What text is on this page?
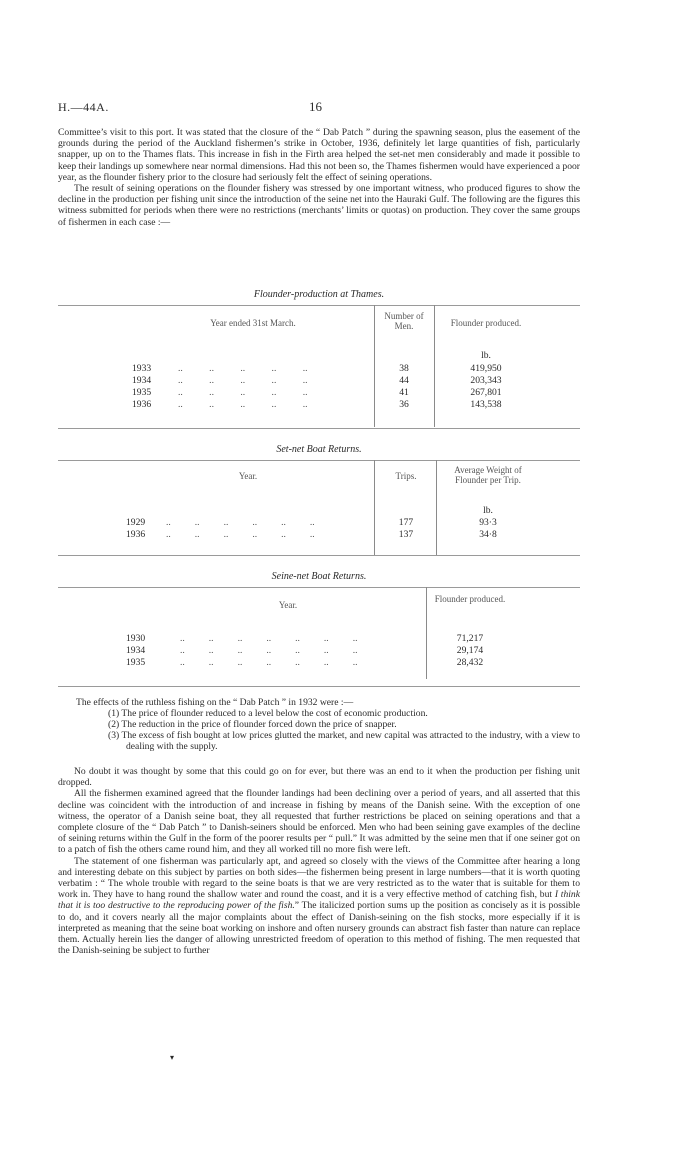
H.—44A.	16

Committee’s visit to this port. It was stated that the closure of the “ Dab Patch ” during the spawning season, plus the easement of the grounds during the period of the Auckland fishermen’s strike in October, 1936, definitely let large quantities of fish, particularly snapper, up on to the Thames flats. This increase in fish in the Firth area helped the set-net men considerably and made it possible to keep their landings up somewhere near normal dimensions. Had this not been so, the Thames fishermen would have experienced a poor year, as the flounder fishery prior to the closure had seriously felt the effect of seining operations.

The result of seining operations on the flounder fishery was stressed by one important witness, who produced figures to show the decline in the production per fishing unit since the introduction of the seine net into the Hauraki Gulf. The following are the figures this witness submitted for periods when there were no restrictions (merchants’ limits or quotas) on production. They cover the same groups of fishermen in each case :—

Flounder-production at Thames.
Year ended 31st March.
Number of Men.	Flounder produced.
lb.
1933	..           ..           ..           ..           ..	38	419,950
1934	..           ..           ..           ..           ..	44	203,343
1935	..           ..           ..           ..           ..	41	267,801
1936	..           ..           ..           ..           ..	36	143,538
Set-net Boat Returns.
Year.	Trips.
Average Weight of Flounder per Trip.
lb.
1929 ..          ..          ..          ..          ..          ..	177	93·3
1936 ..          ..          ..          ..          ..          ..	137	34·8
Seine-net Boat Returns.
Year.
Flounder produced.
1930	..          ..          ..          ..          ..          ..          ..	71,217
1934	..          ..          ..          ..          ..          ..          ..	29,174
1935	..          ..          ..          ..          ..          ..          ..	28,432
The effects of the ruthless fishing on the “ Dab Patch ” in 1932 were :—
(1) The price of flounder reduced to a level below the cost of economic production.
(2) The reduction in the price of flounder forced down the price of snapper.
(3) The excess of fish bought at low prices glutted the market, and new capital was attracted to the industry, with a view to dealing with the supply.

No doubt it was thought by some that this could go on for ever, but there was an end to it when the production per fishing unit dropped.

All the fishermen examined agreed that the flounder landings had been declining over a period of years, and all asserted that this decline was coincident with the introduction of and increase in fishing by means of the Danish seine. With the exception of one witness, the operator of a Danish seine boat, they all requested that further restrictions be placed on seining operations and that a complete closure of the “ Dab Patch ” to Danish-seiners should be enforced. Men who had been seining gave examples of the decline of seining returns within the Gulf in the form of the poorer results per “ pull.” It was admitted by the seine men that if one seiner got on to a patch of fish the others came round him, and they all worked till no more fish were left.

The statement of one fisherman was particularly apt, and agreed so closely with the views of the Committee after hearing a long and interesting debate on this subject by parties on both sides—the fishermen being present in large numbers—that it is worth quoting verbatim : “ The whole trouble with regard to the seine boats is that we are very restricted as to the water that is suitable for them to work in. They have to hang round the shallow water and round the coast, and it is a very effective method of catching fish, but I think that it is too destructive to the reproducing power of the fish.” The italicized portion sums up the position as concisely as it is possible to do, and it covers nearly all the major complaints about the effect of Danish-seining on the fish stocks, more especially if it is interpreted as meaning that the seine boat working on inshore and often nursery grounds can abstract fish faster than nature can replace them. Actually herein lies the danger of allowing unrestricted freedom of operation to this method of fishing. The men requested that the Danish-seining be subject to further

▾
